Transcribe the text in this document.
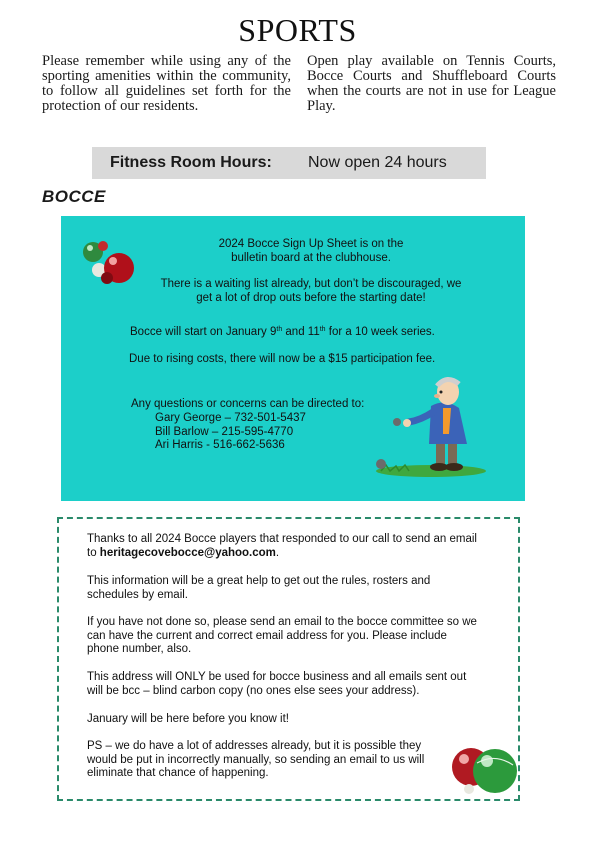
SPORTS
Please remember while using any of the sporting amenities within the community, to follow all guidelines set forth for the protection of our residents.
Open play available on Tennis Courts, Bocce Courts and Shuffleboard Courts when the courts are not in use for League Play.
Fitness Room Hours:	Now open 24 hours
BOCCE
2024 Bocce Sign Up Sheet is on the
bulletin board at the clubhouse.
There is a waiting list already, but don’t be discouraged, we
get a lot of drop outs before the starting date!
Bocce will start on January 9th and 11th for a 10 week series.
Due to rising costs, there will now be a $15 participation fee.
Any questions or concerns can be directed to:
Gary George – 732-501-5437
Bill Barlow – 215-595-4770
Ari Harris - 516-662-5636
Thanks to all 2024 Bocce players that responded to our call to send an email to heritagecovebocce@yahoo.com.
This information will be a great help to get out the rules, rosters and schedules by email.
If you have not done so, please send an email to the bocce committee so we can have the current and correct email address for you. Please include phone number, also.
This address will ONLY be used for bocce business and all emails sent out will be bcc – blind carbon copy (no ones else sees your address).
January will be here before you know it!
PS – we do have a lot of addresses already, but it is possible they would be put in incorrectly manually, so sending an email to us will eliminate that chance of happening.
